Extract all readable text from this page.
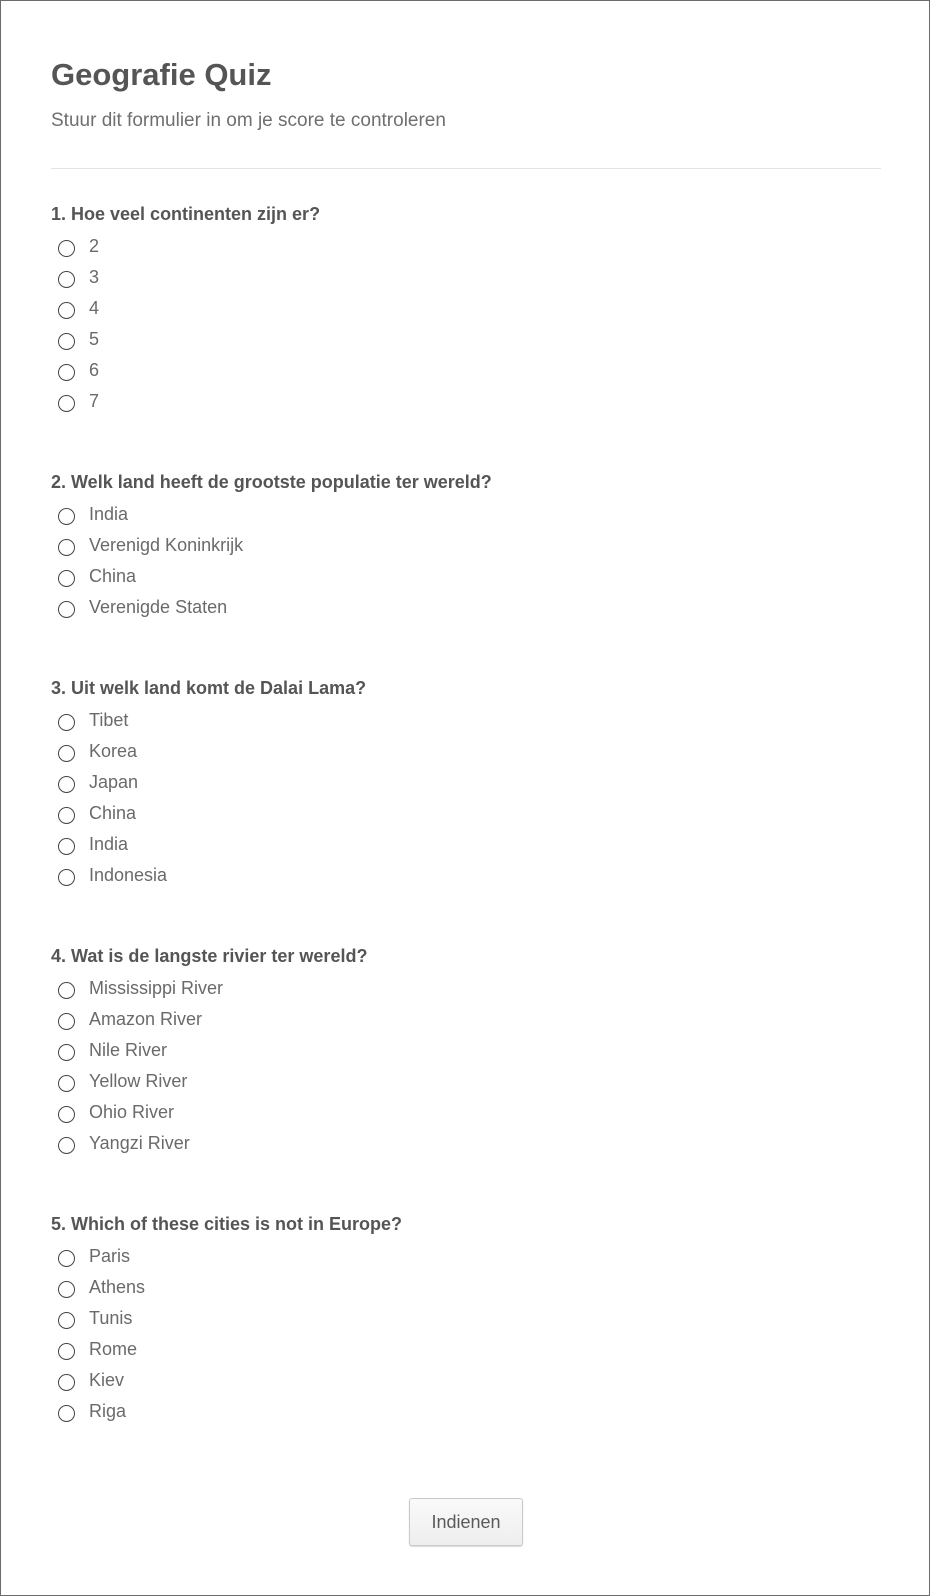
Geografie Quiz
Stuur dit formulier in om je score te controleren
1. Hoe veel continenten zijn er?
2
3
4
5
6
7
2. Welk land heeft de grootste populatie ter wereld?
India
Verenigd Koninkrijk
China
Verenigde Staten
3. Uit welk land komt de Dalai Lama?
Tibet
Korea
Japan
China
India
Indonesia
4. Wat is de langste rivier ter wereld?
Mississippi River
Amazon River
Nile River
Yellow River
Ohio River
Yangzi River
5. Which of these cities is not in Europe?
Paris
Athens
Tunis
Rome
Kiev
Riga
Indienen
